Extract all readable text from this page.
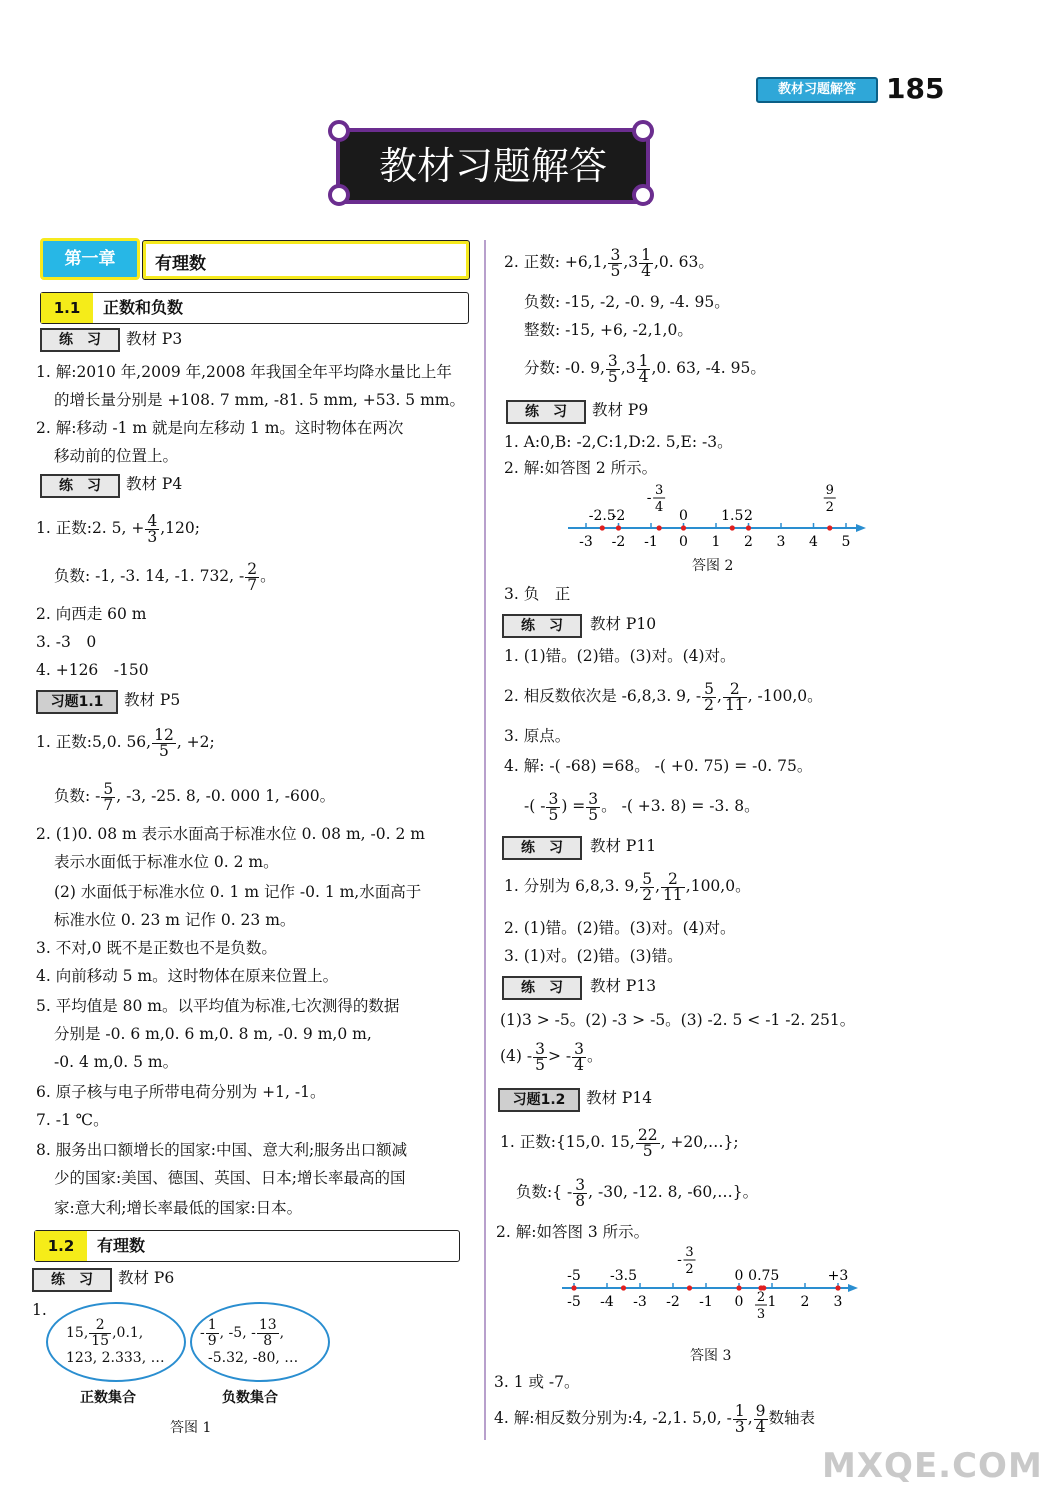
教材习题解答	185
教材习题解答
第一章	有理数
1.1	正数和负数
练　习	教材 P3
1. 解:2010 年,2009 年,2008 年我国全年平均降水量比上年
的增长量分别是 +108. 7 mm, -81. 5 mm, +53. 5 mm。
2. 解:移动 -1 m 就是向左移动 1 m。这时物体在两次
移动前的位置上。
练　习	教材 P4
1. 正数:2. 5, + $\frac{4}{3} ,120$;
负数: -1, -3. 14, -1. 732, - $\frac{2}{7}$ 。
2. 向西走 60 m
3. -3　0
4. +126　-150
习题1.1	教材 P5
1. 正数:5,0. 56, $\frac{12}{5}$ , +2;
负数: - $\frac{5}{7}$ , -3, -25. 8, -0. 000 1, -600。
2. (1)0. 08 m 表示水面高于标准水位 0. 08 m, -0. 2 m
表示水面低于标准水位 0. 2 m。
(2) 水面低于标准水位 0. 1 m 记作 -0. 1 m,水面高于
标准水位 0. 23 m 记作 0. 23 m。
3. 不对,0 既不是正数也不是负数。
4. 向前移动 5 m。这时物体在原来位置上。
5. 平均值是 80 m。以平均值为标准,七次测得的数据
分别是 -0. 6 m,0. 6 m,0. 8 m, -0. 9 m,0 m,
-0. 4 m,0. 5 m。
6. 原子核与电子所带电荷分别为 +1, -1。
7. -1 ℃。
8. 服务出口额增长的国家:中国、意大利;服务出口额减
少的国家:美国、德国、英国、日本;增长率最高的国
家:意大利;增长率最低的国家:日本。
1.2	有理数
练　习	教材 P6
1.
15, $\frac{2}{15} ,0.1$,
123, 2.333, …
- $\frac{1}{9}$ , -5, - $\frac{13}{8}$ ,
-5.32, -80, …
正数集合	负数集合
答图 1
2. 正数: +6,1, $\frac{3}{5} ,3 \frac{1}{4} ,0$. 63。
负数: -15, -2, -0. 9, -4. 95。
整数: -15, +6, -2,1,0。
分数: -0. 9, $\frac{3}{5} ,3 \frac{1}{4} ,0$. 63, -4. 95。
练　习	教材 P9
1. A:0,B: -2,C:1,D:2. 5,E: -3。
2. 解:如答图 2 所示。
-3 -2 -1 0 1 2 3 4 5
-2.5
-2	0 1.5 2
- 3
4
9
2
答图 2
3. 负　正
练　习	教材 P10
1. (1)错。(2)错。(3)对。(4)对。
2. 相反数依次是 -6,8,3. 9, - $\frac{5}{2}$ , $\frac{2}{11}$ , -100,0。
3. 原点。
4. 解: -( -68) =68。 -( +0. 75) = -0. 75。
-( - $\frac{3}{5}$ ) = $\frac{3}{5}$ 。 -( +3. 8) = -3. 8。
练　习	教材 P11
1. 分别为 6,8,3. 9, $\frac{5}{2}$ , $\frac{2}{11} ,100,0$。
2. (1)错。(2)错。(3)对。(4)对。
3. (1)对。(2)错。(3)错。
练　习	教材 P13
(1)3 > -5。(2) -3 > -5。(3) -2. 5 < -1 -2. 251。
$(4) - \frac{3}{5}$ > - $\frac{3}{4}$ 。
习题1.2	教材 P14
1. 正数:{15,0. 15, $\frac{22}{5}$ , +20,…};
负数:{ - $\frac{3}{8}$ , -30, -12. 8, -60,…}。
2. 解:如答图 3 所示。
-5 -4 -3 -2 -1 0 1 2 3
-5 -3.5	0 0.75	+3
- 3
2
2
3
答图 3
3. 1 或 -7。
4. 解:相反数分别为:4, -2,1. 5,0, - $\frac{1}{3}$ , $\frac{9}{4}$ 数轴表
MXQE.COM
